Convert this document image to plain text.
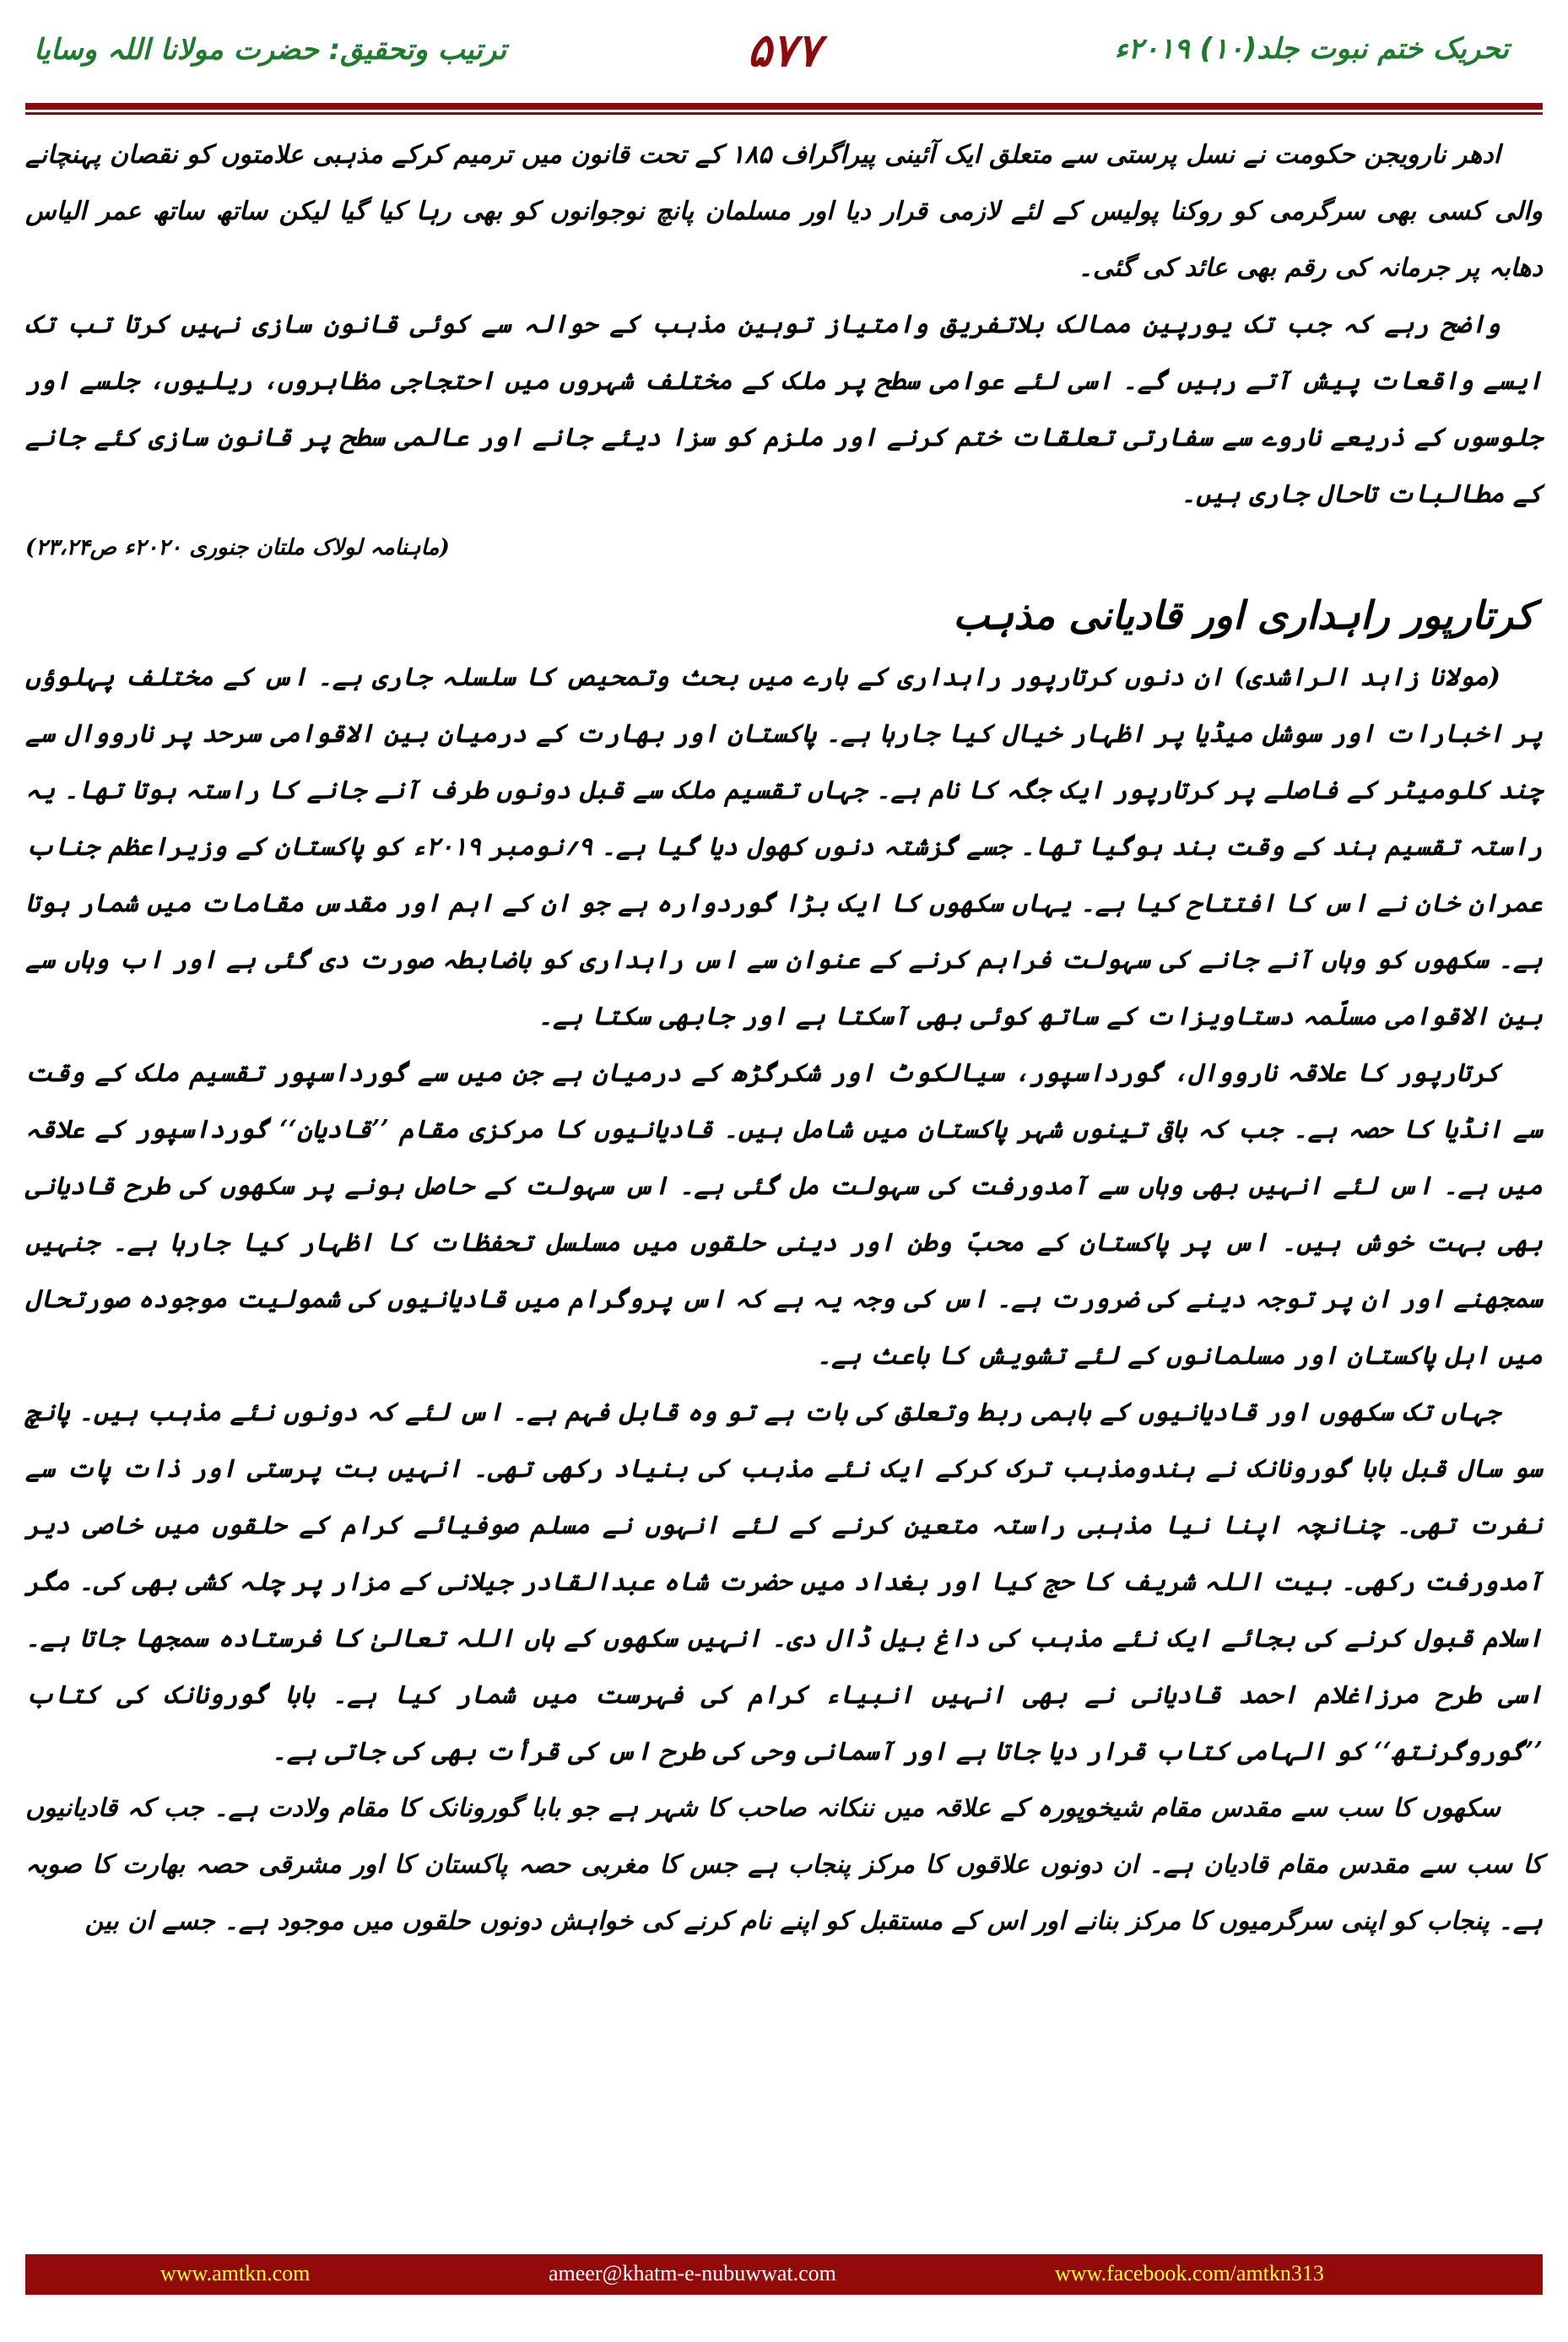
تحریک ختم نبوت جلد(۱۰) ۲۰۱۹ء
۵۷۷
ترتیب وتحقیق: حضرت مولانا اللہ وسایا

ادھر نارویجن حکومت نے نسل پرستی سے متعلق ایک آئینی پیراگراف ۱۸۵ کے تحت قانون میں ترمیم کرکے مذہبی علامتوں کو نقصان پہنچانے والی کسی بھی سرگرمی کو روکنا پولیس کے لئے لازمی قرار دیا اور مسلمان پانچ نوجوانوں کو بھی رہا کیا گیا لیکن ساتھ ساتھ عمر الیاس دھابہ پر جرمانہ کی رقم بھی عائد کی گئی۔

واضح رہے کہ جب تک یورپین ممالک بلاتفریق وامتیاز توہین مذہب کے حوالہ سے کوئی قانون سازی نہیں کرتا تب تک ایسے واقعات پیش آتے رہیں گے۔ اسی لئے عوامی سطح پر ملک کے مختلف شہروں میں احتجاجی مظاہروں، ریلیوں، جلسے اور جلوسوں کے ذریعے ناروے سے سفارتی تعلقات ختم کرنے اور ملزم کو سزا دیئے جانے اور عالمی سطح پر قانون سازی کئے جانے کے مطالبات تاحال جاری ہیں۔

(ماہنامہ لولاک ملتان جنوری ۲۰۲۰ء ص۲۳،۲۴)

کرتارپور راہداری اور قادیانی مذہب

(مولانا زاہد الراشدی) ان دنوں کرتارپور راہداری کے بارے میں بحث وتمحیص کا سلسلہ جاری ہے۔ اس کے مختلف پہلوؤں پر اخبارات اور سوشل میڈیا پر اظہار خیال کیا جارہا ہے۔ پاکستان اور بھارت کے درمیان بین الاقوامی سرحد پر نارووال سے چند کلومیٹر کے فاصلے پر کرتارپور ایک جگہ کا نام ہے۔ جہاں تقسیم ملک سے قبل دونوں طرف آنے جانے کا راستہ ہوتا تھا۔ یہ راستہ تقسیم ہند کے وقت بند ہوگیا تھا۔ جسے گزشتہ دنوں کھول دیا گیا ہے۔ ۹؍نومبر ۲۰۱۹ء کو پاکستان کے وزیراعظم جناب عمران خان نے اس کا افتتاح کیا ہے۔ یہاں سکھوں کا ایک بڑا گوردوارہ ہے جو ان کے اہم اور مقدس مقامات میں شمار ہوتا ہے۔ سکھوں کو وہاں آنے جانے کی سہولت فراہم کرنے کے عنوان سے اس راہداری کو باضابطہ صورت دی گئی ہے اور اب وہاں سے بین الاقوامی مسلّمہ دستاویزات کے ساتھ کوئی بھی آسکتا ہے اور جابھی سکتا ہے۔

کرتارپور کا علاقہ نارووال، گورداسپور، سیالکوٹ اور شکرگڑھ کے درمیان ہے جن میں سے گورداسپور تقسیم ملک کے وقت سے انڈیا کا حصہ ہے۔ جب کہ باقی تینوں شہر پاکستان میں شامل ہیں۔ قادیانیوں کا مرکزی مقام ’’قادیان‘‘ گورداسپور کے علاقہ میں ہے۔ اس لئے انہیں بھی وہاں سے آمدورفت کی سہولت مل گئی ہے۔ اس سہولت کے حاصل ہونے پر سکھوں کی طرح قادیانی بھی بہت خوش ہیں۔ اس پر پاکستان کے محبّ وطن اور دینی حلقوں میں مسلسل تحفظات کا اظہار کیا جارہا ہے۔ جنہیں سمجھنے اور ان پر توجہ دینے کی ضرورت ہے۔ اس کی وجہ یہ ہے کہ اس پروگرام میں قادیانیوں کی شمولیت موجودہ صورتحال میں اہل پاکستان اور مسلمانوں کے لئے تشویش کا باعث ہے۔

جہاں تک سکھوں اور قادیانیوں کے باہمی ربط وتعلق کی بات ہے تو وہ قابل فہم ہے۔ اس لئے کہ دونوں نئے مذہب ہیں۔ پانچ سو سال قبل بابا گورونانک نے ہندومذہب ترک کرکے ایک نئے مذہب کی بنیاد رکھی تھی۔ انہیں بت پرستی اور ذات پات سے نفرت تھی۔ چنانچہ اپنا نیا مذہبی راستہ متعین کرنے کے لئے انہوں نے مسلم صوفیائے کرام کے حلقوں میں خاصی دیر آمدورفت رکھی۔ بیت اللہ شریف کا حج کیا اور بغداد میں حضرت شاہ عبدالقادر جیلانی کے مزار پر چلہ کشی بھی کی۔ مگر اسلام قبول کرنے کی بجائے ایک نئے مذہب کی داغ بیل ڈال دی۔ انہیں سکھوں کے ہاں اللہ تعالیٰ کا فرستادہ سمجھا جاتا ہے۔ اسی طرح مرزاغلام احمد قادیانی نے بھی انہیں انبیاء کرام کی فہرست میں شمار کیا ہے۔ بابا گورونانک کی کتاب ’’گوروگرنتھ‘‘ کو الہامی کتاب قرار دیا جاتا ہے اور آسمانی وحی کی طرح اس کی قرأت بھی کی جاتی ہے۔

سکھوں کا سب سے مقدس مقام شیخوپورہ کے علاقہ میں ننکانہ صاحب کا شہر ہے جو بابا گورونانک کا مقام ولادت ہے۔ جب کہ قادیانیوں کا سب سے مقدس مقام قادیان ہے۔ ان دونوں علاقوں کا مرکز پنجاب ہے جس کا مغربی حصہ پاکستان کا اور مشرقی حصہ بھارت کا صوبہ ہے۔ پنجاب کو اپنی سرگرمیوں کا مرکز بنانے اور اس کے مستقبل کو اپنے نام کرنے کی خواہش دونوں حلقوں میں موجود ہے۔ جسے ان بین

www.amtkn.com	ameer@khatm-e-nubuwwat.com	www.facebook.com/amtkn313
